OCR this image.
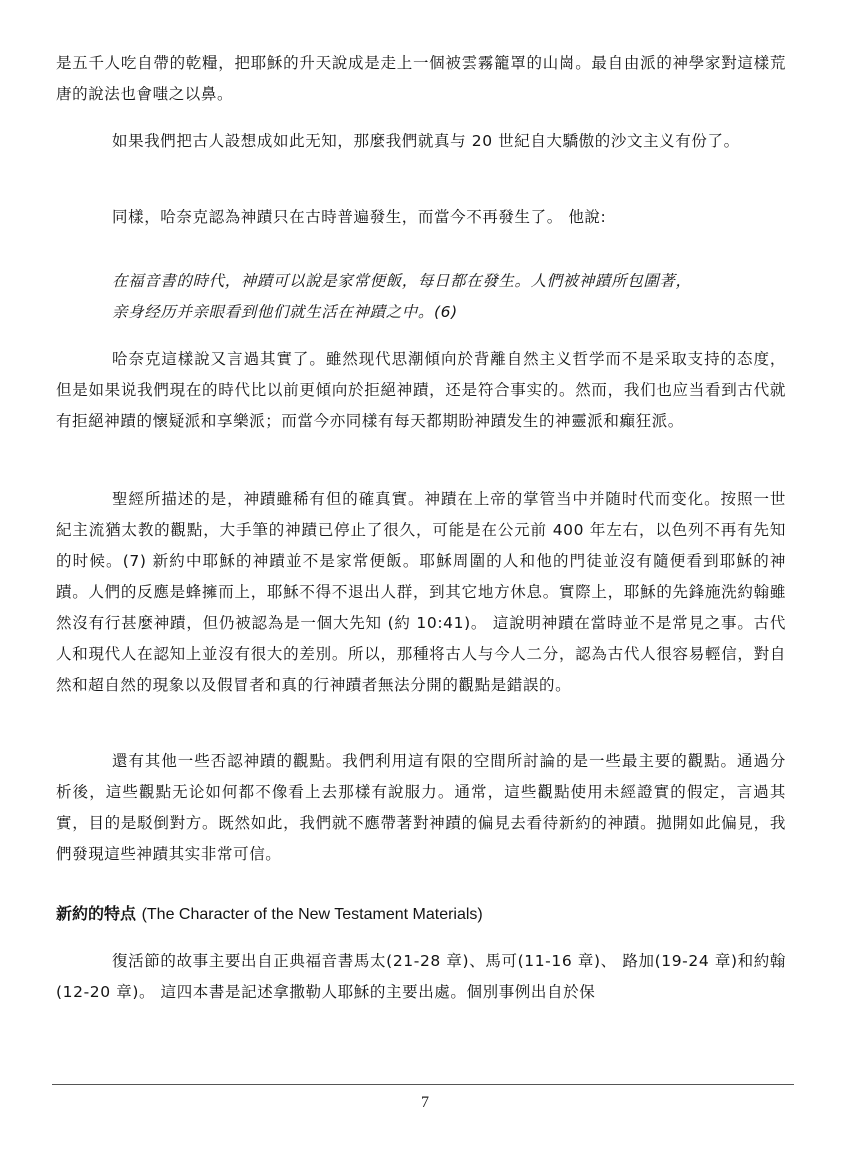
是五千人吃自帶的乾糧，把耶穌的升天說成是走上一個被雲霧籠罩的山崗。最自由派的神學家對這樣荒唐的說法也會嗤之以鼻。

如果我們把古人設想成如此无知，那麼我們就真与 20 世紀自大驕傲的沙文主义有份了。

同樣，哈奈克認為神蹟只在古時普遍發生，而當今不再發生了。 他說:

在福音書的時代，神蹟可以說是家常便飯，每日都在發生。人們被神蹟所包圍著，
亲身经历并亲眼看到他们就生活在神蹟之中。(6)

哈奈克這樣說又言過其實了。雖然现代思潮傾向於背離自然主义哲学而不是采取支持的态度，但是如果说我們現在的時代比以前更傾向於拒絕神蹟，还是符合事实的。然而，我们也应当看到古代就有拒絕神蹟的懷疑派和享樂派；而當今亦同樣有每天都期盼神蹟发生的神靈派和癲狂派。

聖經所描述的是，神蹟雖稀有但的確真實。神蹟在上帝的掌管当中并随时代而变化。按照一世紀主流猶太教的觀點，大手筆的神蹟已停止了很久，可能是在公元前 400 年左右，以色列不再有先知的时候。(7) 新約中耶穌的神蹟並不是家常便飯。耶穌周圍的人和他的門徒並沒有隨便看到耶穌的神蹟。人們的反應是蜂擁而上，耶穌不得不退出人群，到其它地方休息。實際上，耶穌的先鋒施洗約翰雖然沒有行甚麼神蹟，但仍被認為是一個大先知 (約 10:41)。 這說明神蹟在當時並不是常見之事。古代人和現代人在認知上並沒有很大的差別。所以，那種将古人与今人二分，認為古代人很容易輕信，對自然和超自然的現象以及假冒者和真的行神蹟者無法分開的觀點是錯誤的。

還有其他一些否認神蹟的觀點。我們利用這有限的空間所討論的是一些最主要的觀點。通過分析後，這些觀點无论如何都不像看上去那樣有說服力。通常，這些觀點使用未經證實的假定，言過其實，目的是駁倒對方。既然如此，我們就不應帶著對神蹟的偏見去看待新約的神蹟。拋開如此偏見，我們發現這些神蹟其实非常可信。

新約的特点 (The Character of the New Testament Materials)

復活節的故事主要出自正典福音書馬太(21-28 章)、馬可(11-16 章)、 路加(19-24 章)和約翰(12-20 章)。 這四本書是記述拿撒勒人耶穌的主要出處。個別事例出自於保

7
